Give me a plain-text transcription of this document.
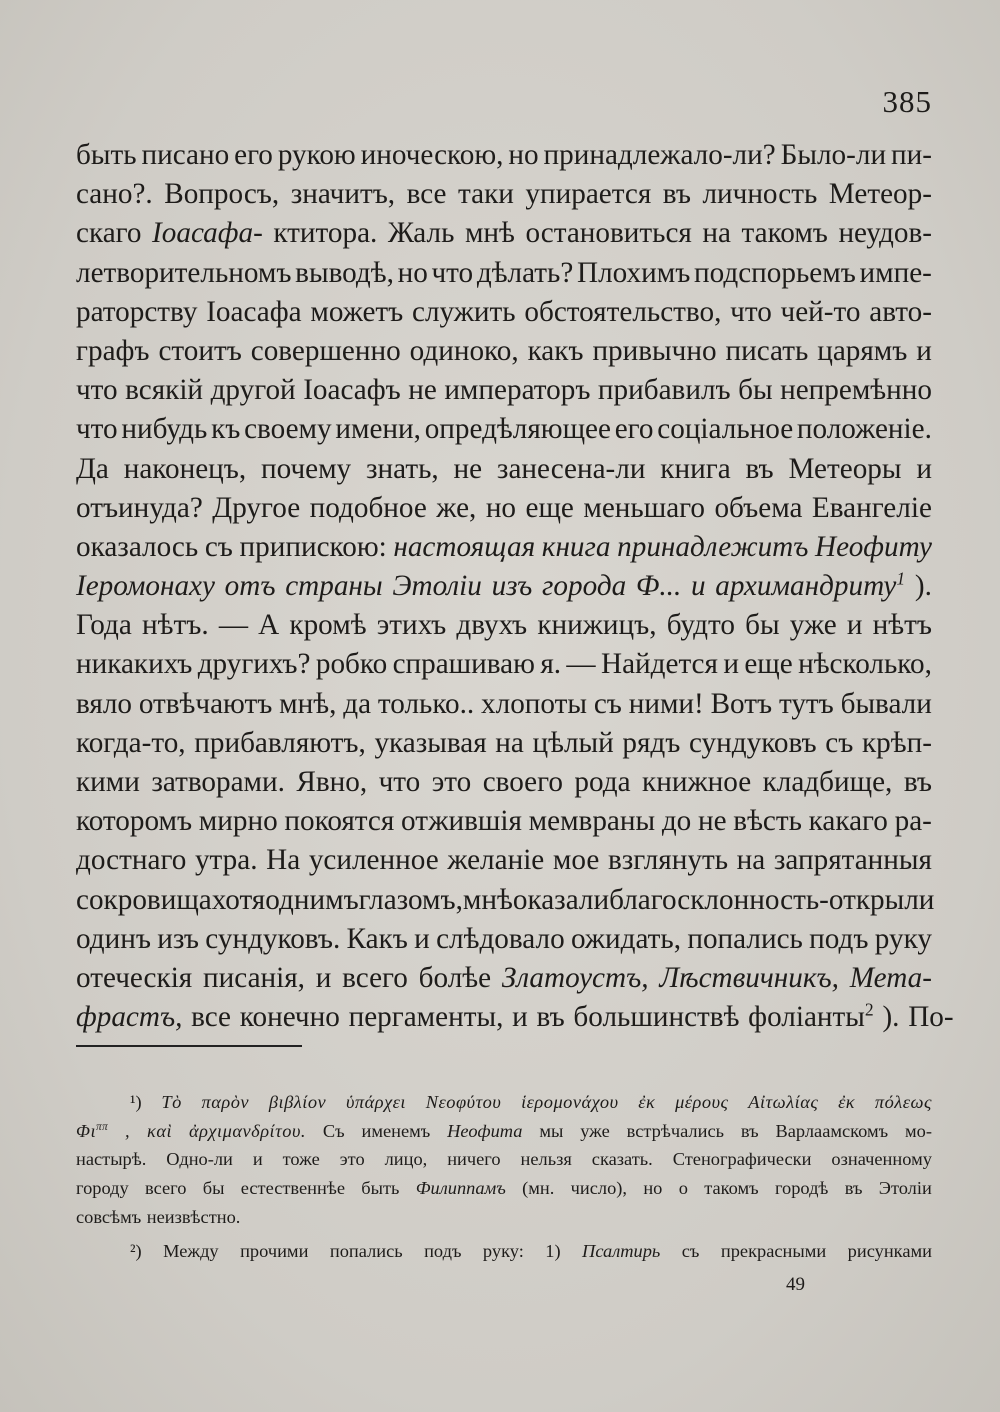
385
быть писано его рукою иноческою, но принадлежало-ли? Было-ли пи-
сано?. Вопросъ, значитъ, все таки упирается въ личность Метеор-
скаго Іоасафа- ктитора. Жаль мнѣ остановиться на такомъ неудов-
летворительномъ выводѣ, но что дѣлать? Плохимъ подспорьемъ импе-
раторству Іоасафа можетъ служить обстоятельство, что чей-то авто-
графъ стоитъ совершенно одиноко, какъ привычно писать царямъ и
что всякій другой Іоасафъ не императоръ прибавилъ бы непремѣнно
что нибудь къ своему имени, опредѣляющее его соціальное положеніе.
Да наконецъ, почему знать, не занесена-ли книга въ Метеоры и
отъинуда? Другое подобное же, но еще меньшаго объема Евангеліе
оказалось съ припискою: настоящая книга принадлежитъ Неофиту
Іеромонаху отъ страны Этоліи изъ города Ф... и архимандриту$^1$ ).
Года нѣтъ. — А кромѣ этихъ двухъ книжицъ, будто бы уже и нѣтъ
никакихъ другихъ? робко спрашиваю я. — Найдется и еще нѣсколько,
вяло отвѣчаютъ мнѣ, да только.. хлопоты съ ними! Вотъ тутъ бывали
когда-то, прибавляютъ, указывая на цѣлый рядъ сундуковъ съ крѣп-
кими затворами. Явно, что это своего рода книжное кладбище, въ
которомъ мирно покоятся отжившія мемвраны до не вѣсть какаго ра-
достнаго утра. На усиленное желаніе мое взглянуть на запрятанныя
сокровища хотя однимъ глазомъ, мнѣ оказали благосклонность-открыли
одинъ изъ сундуковъ. Какъ и слѣдовало ожидать, попались подъ руку
отеческія писанія, и всего болѣе Златоустъ, Лѣствичникъ, Мета-
фрастъ, все конечно пергаменты, и въ большинствѣ фоліанты$^2$ ). По-
¹) Τὸ παρὸν βιβλίον ὑπάρχει Νεοφύτου ἱερομονάχου ἐκ μέρους Αἰτωλίας ἐκ πόλεως
$\Phi\iota^{\pi\pi}$ , καὶ ἀρχιμανδρίτου. Съ именемъ Неофита мы уже встрѣчались въ Варлаамскомъ мо-
настырѣ. Одно-ли и тоже это лицо, ничего нельзя сказать. Стенографически означенному
городу всего бы естественнѣе быть Филиппамъ (мн. число), но о такомъ городѣ въ Этоліи
совсѣмъ неизвѣстно.
²) Между прочими попались подъ руку: 1) Псалтирь съ прекрасными рисунками
49
